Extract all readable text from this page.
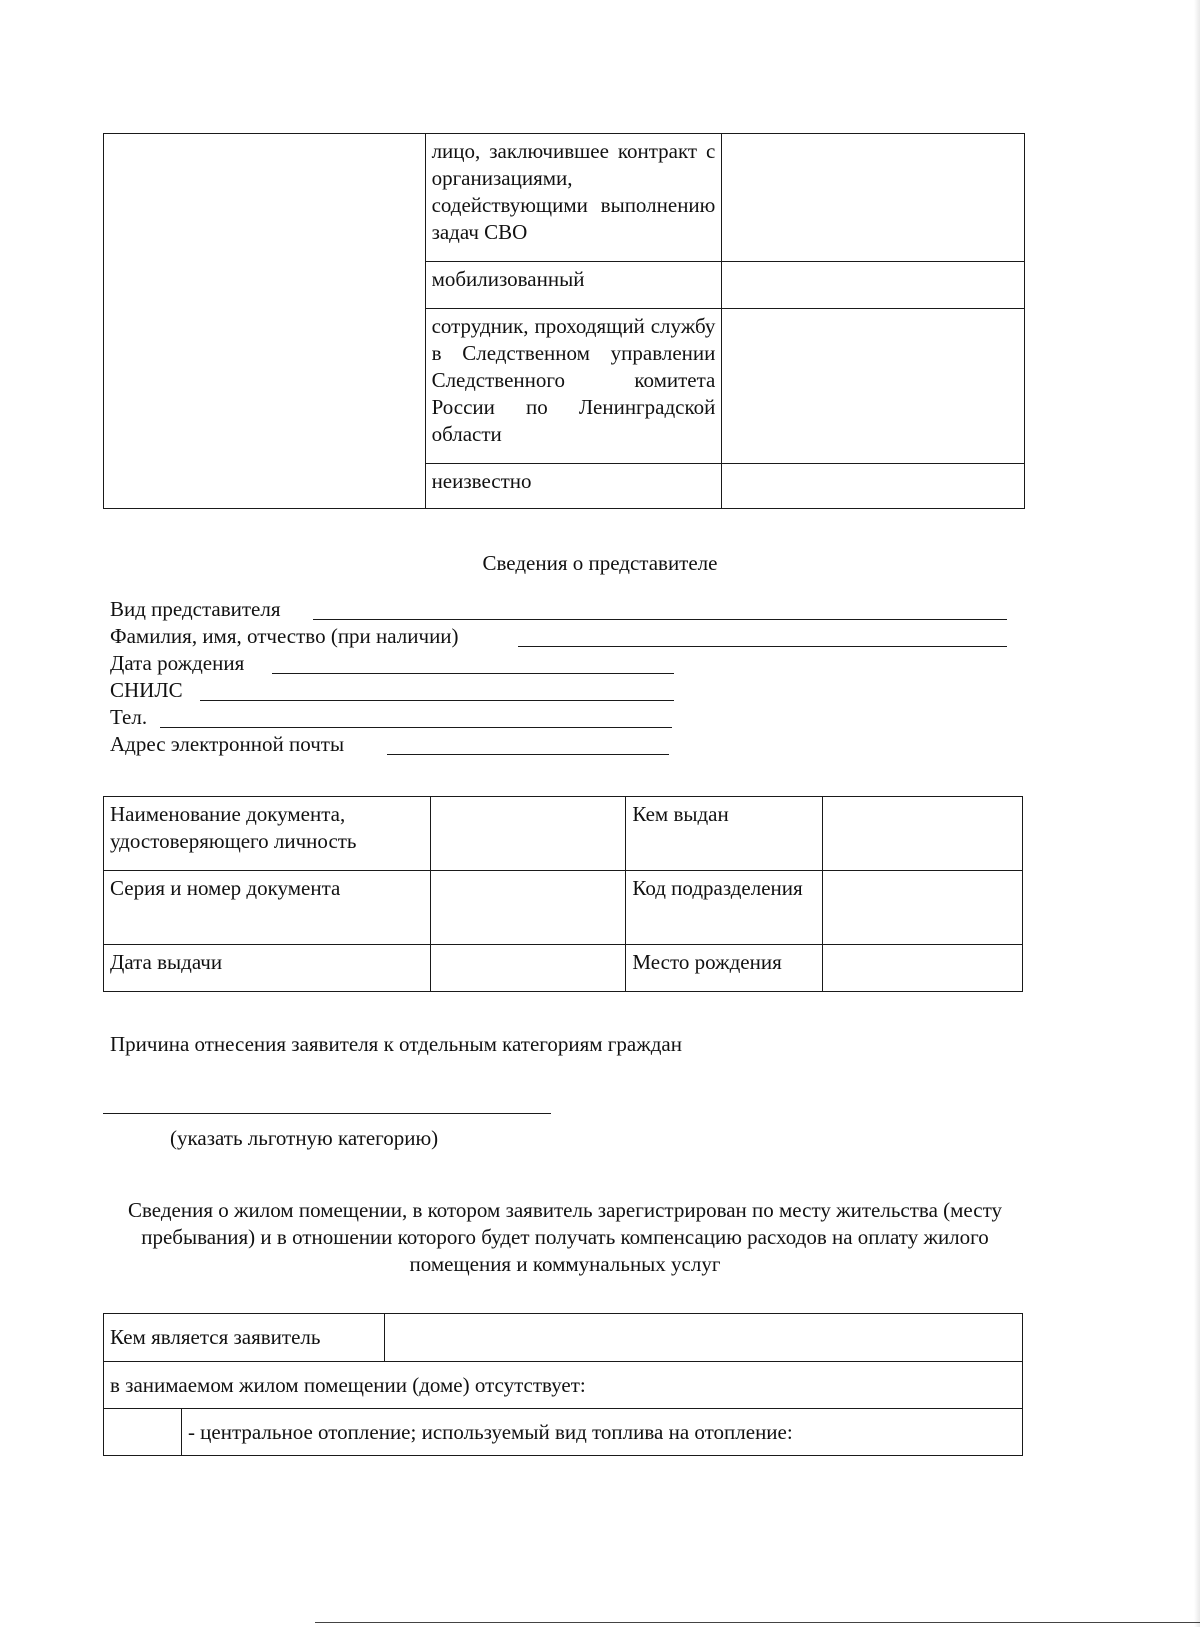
	лицо, заключившее контракт с организациями, содействующими выполнению задач СВО	

	мобилизованный	

	сотрудник, проходящий службу в Следственном управлении Следственного комитета России по Ленинградской области	

	неизвестно	

Сведения о представителе
Вид представителя
Фамилия, имя, отчество (при наличии)
Дата рождения
СНИЛС
Тел.
Адрес электронной почты
Наименование документа, удостоверяющего личность		Кем выдан	
Серия и номер документа		Код подразделения	
Дата выдачи		Место рождения	
Причина отнесения заявителя к отдельным категориям граждан
(указать льготную категорию)
Сведения о жилом помещении, в котором заявитель зарегистрирован по месту жительства (месту пребывания) и в отношении которого будет получать компенсацию расходов на оплату жилого помещения и коммунальных услуг
Кем является заявитель		
в занимаемом жилом помещении (доме) отсутствует:		
	- центральное отопление; используемый вид топлива на отопление:	
